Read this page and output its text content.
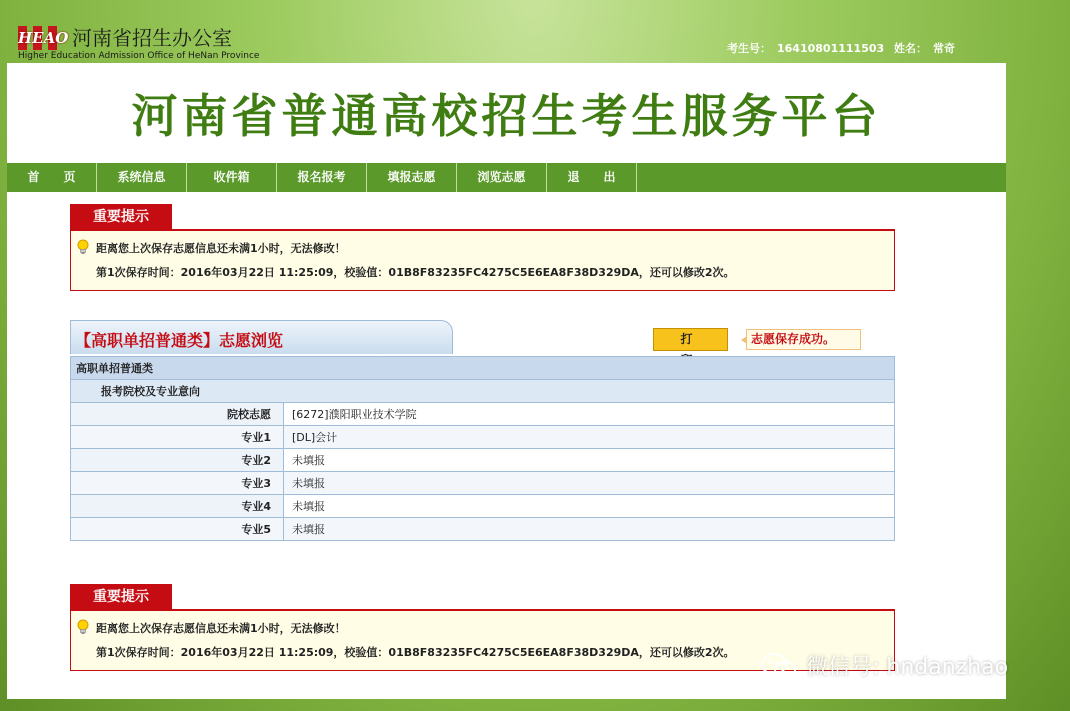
HEAO 河南省招生办公室
Higher Education Admission Office of HeNan Province
考生号： 16410801111503 姓名： 常奇
河南省普通高校招生考生服务平台
首　　页	系统信息	收件箱	报名报考	填报志愿	浏览志愿	退　　出
重要提示
距离您上次保存志愿信息还未满1小时，无法修改！
第1次保存时间：2016年03月22日 11:25:09，校验值：01B8F83235FC4275C5E6EA8F38D329DA，还可以修改2次。
【高职单招普通类】志愿浏览	打	志愿保存成功。
高职单招普通类	
报考院校及专业意向	
院校志愿	[6272]濮阳职业技术学院
专业1	[DL]会计
专业2	未填报
专业3	未填报
专业4	未填报
专业5	未填报
重要提示
距离您上次保存志愿信息还未满1小时，无法修改！
第1次保存时间：2016年03月22日 11:25:09，校验值：01B8F83235FC4275C5E6EA8F38D329DA，还可以修改2次。
微信号: hndanzhao
